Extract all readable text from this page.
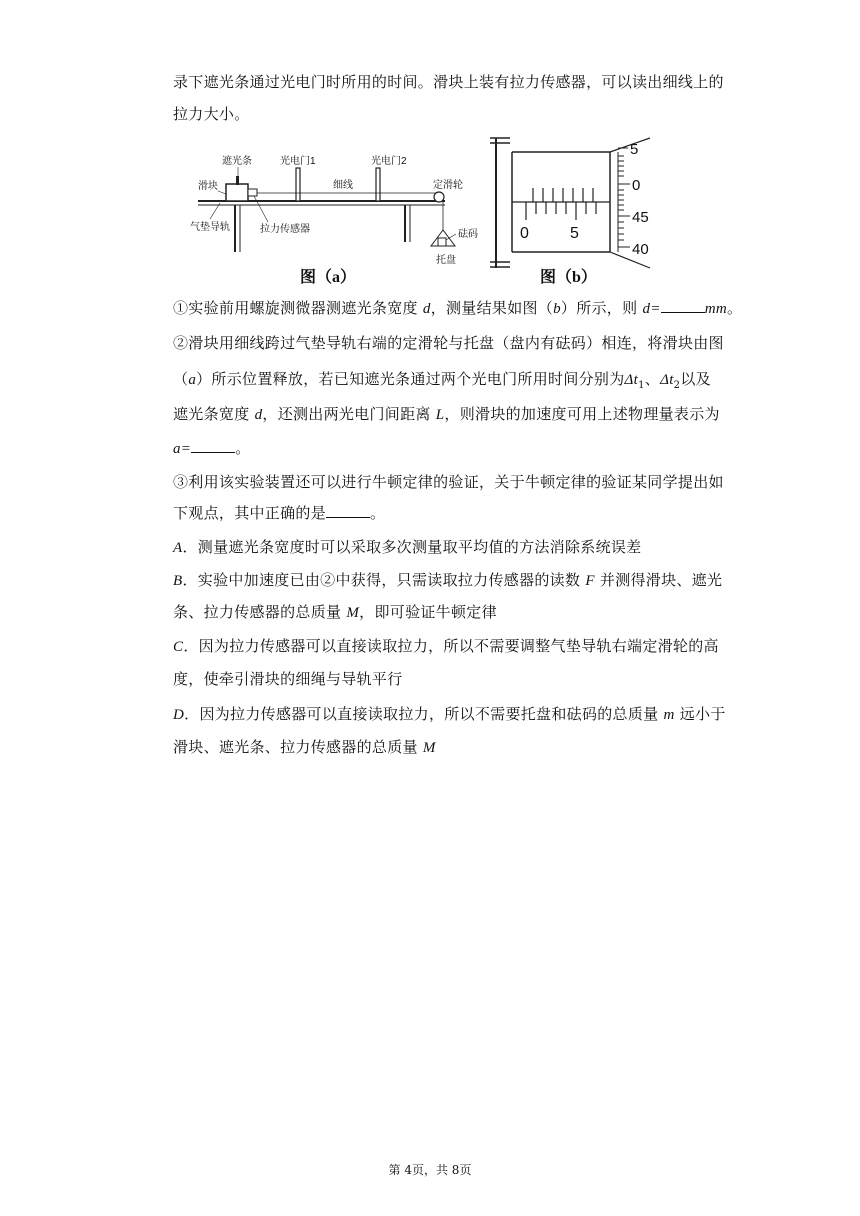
录下遮光条通过光电门时所用的时间。滑块上装有拉力传感器，可以读出细线上的
拉力大小。
遮光条	光电门1	光电门2
滑块	细线	定滑轮
气垫导轨	拉力传感器	砝码
托盘
图（a）
0	5
5
0
45
40
图（b）
①实验前用螺旋测微器测遮光条宽度 d，测量结果如图（b）所示，则 d=	mm。
②滑块用细线跨过气垫导轨右端的定滑轮与托盘（盘内有砝码）相连，将滑块由图
（a）所示位置释放，若已知遮光条通过两个光电门所用时间分别为$\Delta t_1$、$\Delta t_2$以及
遮光条宽度 d，还测出两光电门间距离 L，则滑块的加速度可用上述物理量表示为
a=	。
③利用该实验装置还可以进行牛顿定律的验证，关于牛顿定律的验证某同学提出如
下观点，其中正确的是	。
A．测量遮光条宽度时可以采取多次测量取平均值的方法消除系统误差
B．实验中加速度已由②中获得，只需读取拉力传感器的读数 F 并测得滑块、遮光
条、拉力传感器的总质量 M，即可验证牛顿定律
C．因为拉力传感器可以直接读取拉力，所以不需要调整气垫导轨右端定滑轮的高
度，使牵引滑块的细绳与导轨平行
D．因为拉力传感器可以直接读取拉力，所以不需要托盘和砝码的总质量 m 远小于
滑块、遮光条、拉力传感器的总质量 M
第 4页，共 8页
